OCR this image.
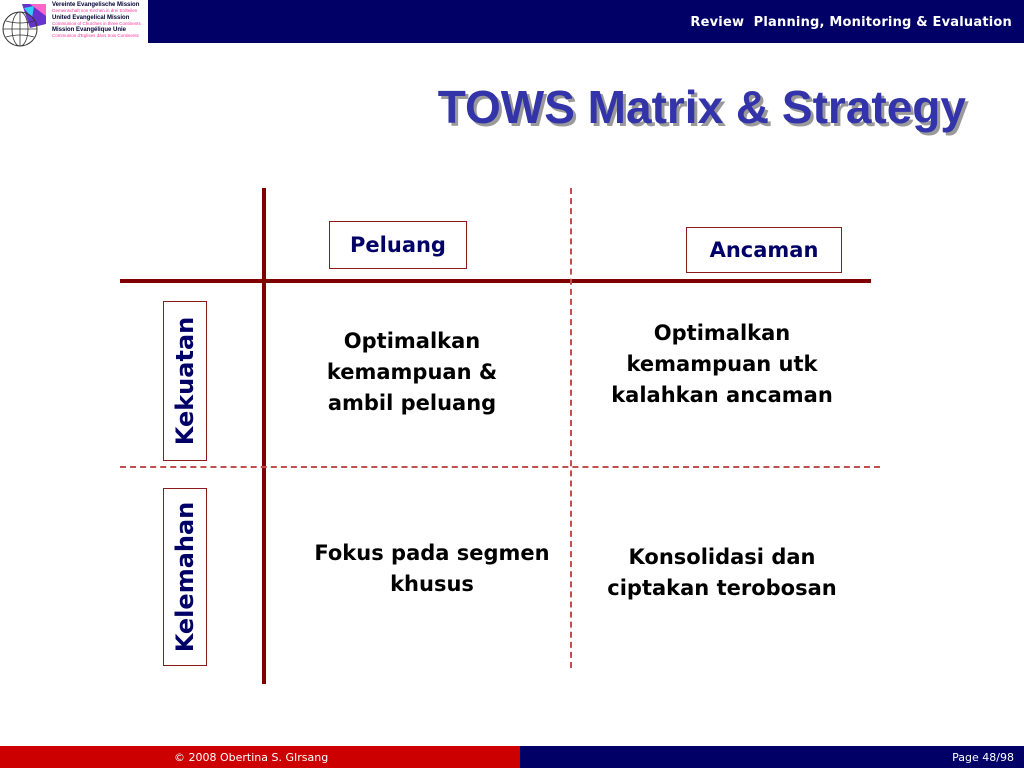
Review  Planning, Monitoring & Evaluation
Vereinte Evangelische Mission
Gemeinschaft von Kirchen in drei Erdteilen
United Evangelical Mission
Communion of Churches in three Continents
Mission Evangélique Unie
Communion d'Eglises dans trois Continents
TOWS Matrix & Strategy
Peluang	Ancaman
Kekuatan
Kelemahan
Optimalkan kemampuan & ambil peluang
Optimalkan kemampuan utk kalahkan ancaman
Fokus pada segmen khusus
Konsolidasi dan ciptakan terobosan
© 2008 Obertina S. GIrsang	Page 48/98
